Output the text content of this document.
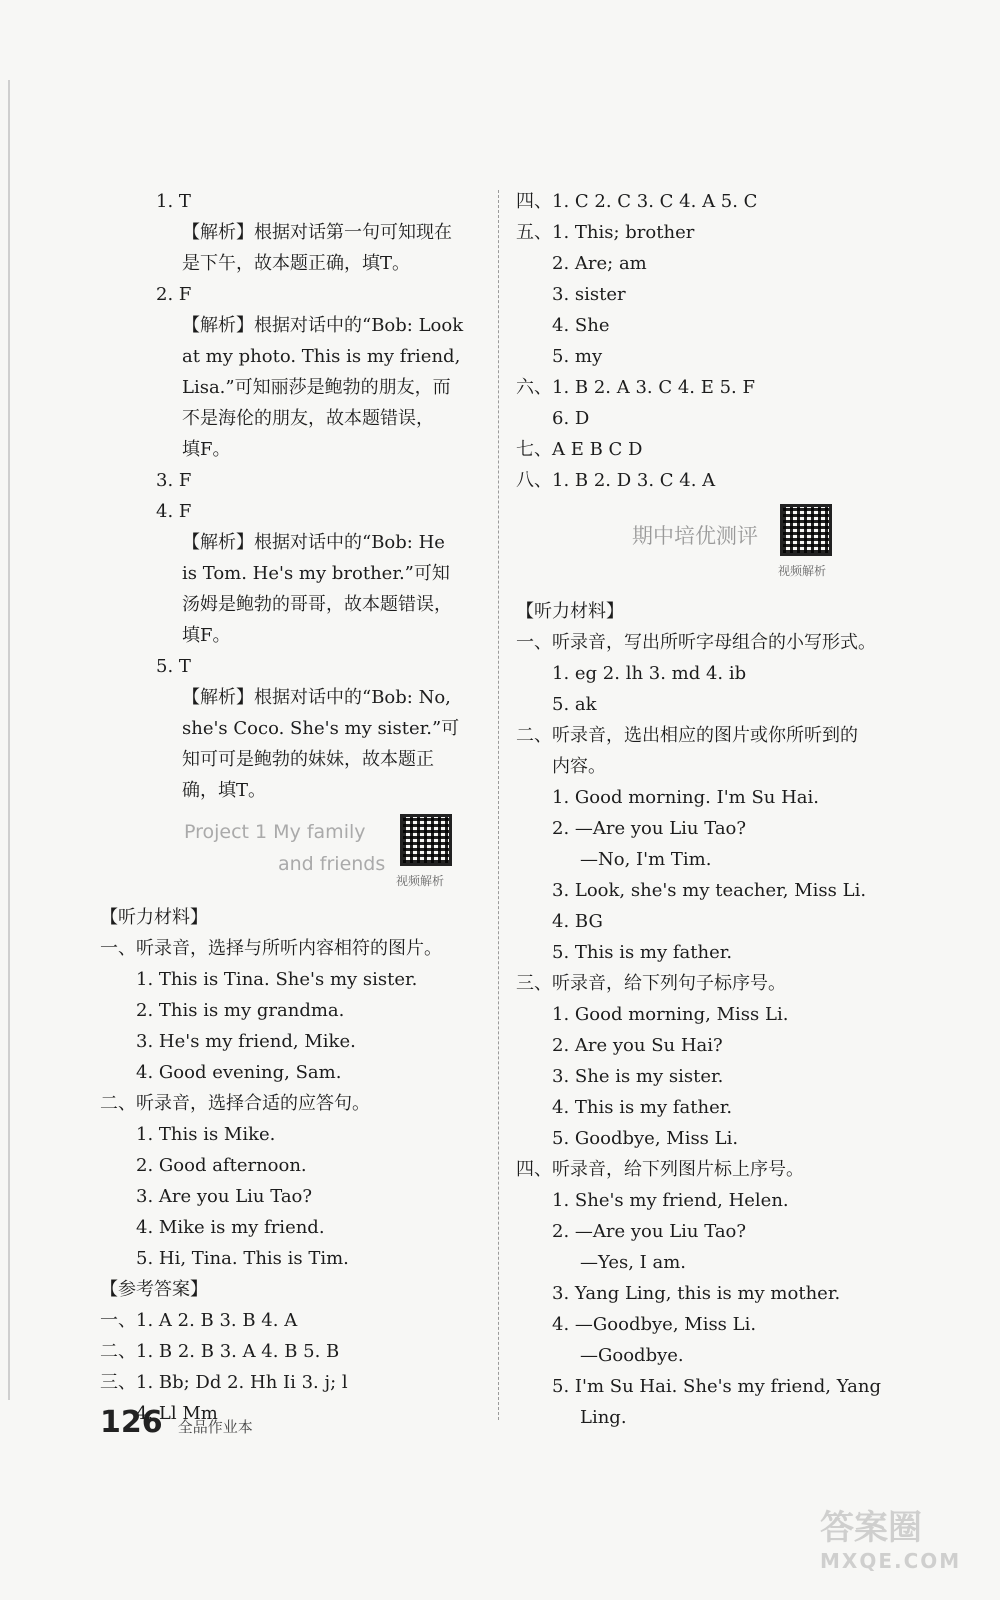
1. T
【解析】根据对话第一句可知现在
是下午，故本题正确，填T。
2. F
【解析】根据对话中的“Bob: Look
at my photo. This is my friend,
Lisa.”可知丽莎是鲍勃的朋友，而
不是海伦的朋友，故本题错误，
填F。
3. F
4. F
【解析】根据对话中的“Bob: He
is Tom. He's my brother.”可知
汤姆是鲍勃的哥哥，故本题错误，
填F。
5. T
【解析】根据对话中的“Bob: No,
she's Coco. She's my sister.”可
知可可是鲍勃的妹妹，故本题正
确，填T。
Project 1 My family
and friends
视频解析
【听力材料】
一、听录音，选择与所听内容相符的图片。
1. This is Tina. She's my sister.
2. This is my grandma.
3. He's my friend, Mike.
4. Good evening, Sam.
二、听录音，选择合适的应答句。
1. This is Mike.
2. Good afternoon.
3. Are you Liu Tao?
4. Mike is my friend.
5. Hi, Tina. This is Tim.
【参考答案】
一、1. A 2. B 3. B 4. A
二、1. B 2. B 3. A 4. B 5. B
三、1. Bb; Dd 2. Hh Ii 3. j; l
4. Ll Mm
四、1. C 2. C 3. C 4. A 5. C
五、1. This; brother
2. Are; am
3. sister
4. She
5. my
六、1. B 2. A 3. C 4. E 5. F
6. D
七、A E B C D
八、1. B 2. D 3. C 4. A
期中培优测评
视频解析
【听力材料】
一、听录音，写出所听字母组合的小写形式。
1. eg 2. lh 3. md 4. ib
5. ak
二、听录音，选出相应的图片或你所听到的
内容。
1. Good morning. I'm Su Hai.
2. —Are you Liu Tao?
—No, I'm Tim.
3. Look, she's my teacher, Miss Li.
4. BG
5. This is my father.
三、听录音，给下列句子标序号。
1. Good morning, Miss Li.
2. Are you Su Hai?
3. She is my sister.
4. This is my father.
5. Goodbye, Miss Li.
四、听录音，给下列图片标上序号。
1. She's my friend, Helen.
2. —Are you Liu Tao?
—Yes, I am.
3. Yang Ling, this is my mother.
4. —Goodbye, Miss Li.
—Goodbye.
5. I'm Su Hai. She's my friend, Yang
Ling.
126 全品作业本
答案圈
MXQE.COM
